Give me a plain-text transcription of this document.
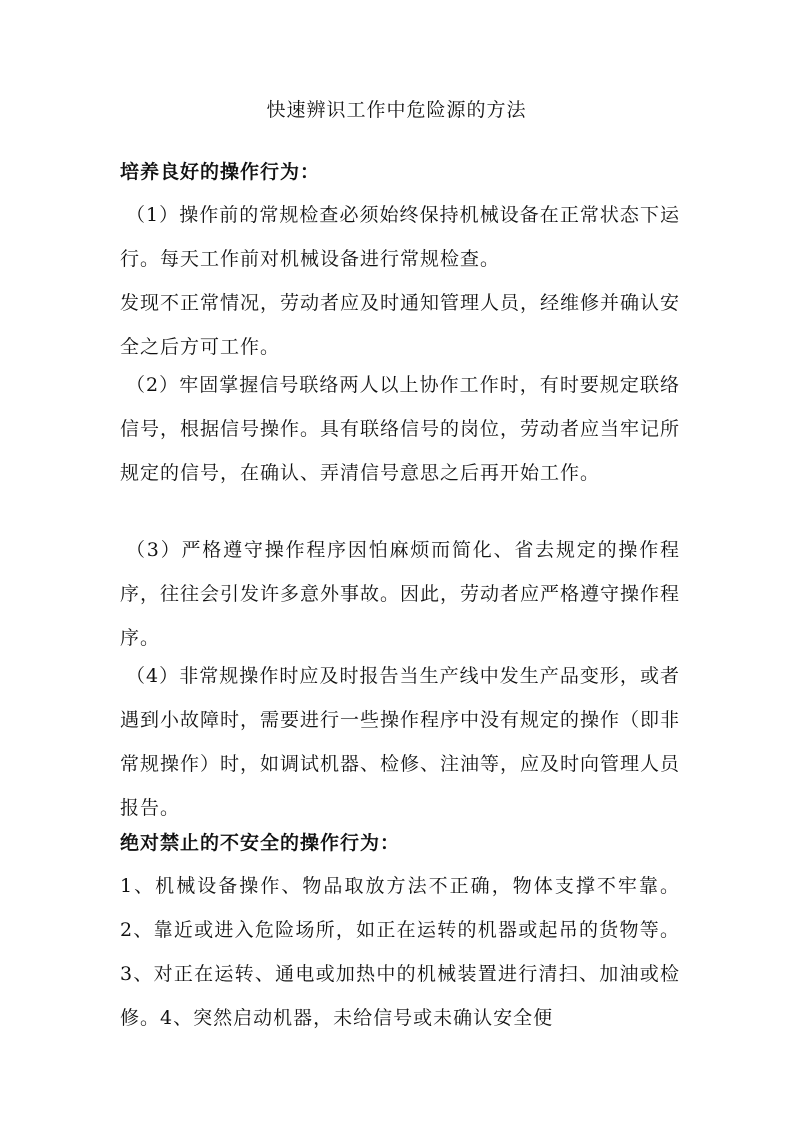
快速辨识工作中危险源的方法
培养良好的操作行为：
（1）操作前的常规检查必须始终保持机械设备在正常状态下运行。每天工作前对机械设备进行常规检查。
发现不正常情况，劳动者应及时通知管理人员，经维修并确认安全之后方可工作。
（2）牢固掌握信号联络两人以上协作工作时，有时要规定联络信号，根据信号操作。具有联络信号的岗位，劳动者应当牢记所规定的信号，在确认、弄清信号意思之后再开始工作。
（3）严格遵守操作程序因怕麻烦而简化、省去规定的操作程序，往往会引发许多意外事故。因此，劳动者应严格遵守操作程序。
（4）非常规操作时应及时报告当生产线中发生产品变形，或者遇到小故障时，需要进行一些操作程序中没有规定的操作（即非常规操作）时，如调试机器、检修、注油等，应及时向管理人员报告。
绝对禁止的不安全的操作行为：
1、机械设备操作、物品取放方法不正确，物体支撑不牢靠。2、靠近或进入危险场所，如正在运转的机器或起吊的货物等。3、对正在运转、通电或加热中的机械装置进行清扫、加油或检修。4、突然启动机器，未给信号或未确认安全便
